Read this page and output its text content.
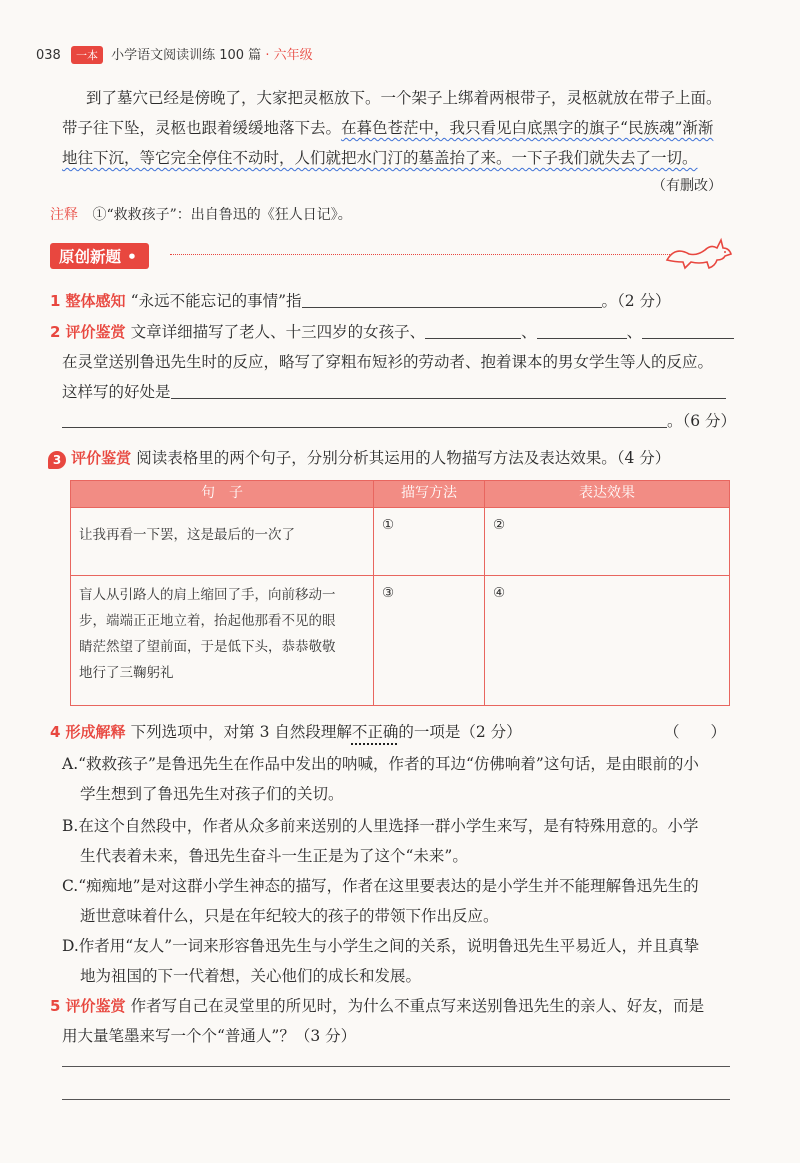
038 一本 小学语文阅读训练 100 篇 · 六年级
到了墓穴已经是傍晚了，大家把灵柩放下。一个架子上绑着两根带子，灵柩就放在带子上面。
带子往下坠，灵柩也跟着缓缓地落下去。在暮色苍茫中，我只看见白底黑字的旗子“民族魂”渐渐
地往下沉，等它完全停住不动时，人们就把水门汀的墓盖抬了来。一下子我们就失去了一切。
（有删改）
注释 ①“救救孩子”：出自鲁迅的《狂人日记》。
原创新题 •
1 整体感知 “永远不能忘记的事情”指	。（2 分）
2 评价鉴赏 文章详细描写了老人、十三四岁的女孩子、	、	、
在灵堂送别鲁迅先生时的反应，略写了穿粗布短衫的劳动者、抱着课本的男女学生等人的反应。
这样写的好处是
。（6 分）
3 评价鉴赏 阅读表格里的两个句子，分别分析其运用的人物描写方法及表达效果。（4 分）
句　子	描写方法	表达效果
让我再看一下罢，这是最后的一次了	①	②

盲人从引路人的肩上缩回了手，向前移动一
步，端端正正地立着，抬起他那看不见的眼
睛茫然望了望前面，于是低下头，恭恭敬敬
地行了三鞠躬礼	③	④
4 形成解释 下列选项中，对第 3 自然段理解不正确的一项是（2 分）	（　　）
A.“救救孩子”是鲁迅先生在作品中发出的呐喊，作者的耳边“仿佛响着”这句话，是由眼前的小
学生想到了鲁迅先生对孩子们的关切。
B.在这个自然段中，作者从众多前来送别的人里选择一群小学生来写，是有特殊用意的。小学
生代表着未来，鲁迅先生奋斗一生正是为了这个“未来”。
C.“痴痴地”是对这群小学生神态的描写，作者在这里要表达的是小学生并不能理解鲁迅先生的
逝世意味着什么，只是在年纪较大的孩子的带领下作出反应。
D.作者用“友人”一词来形容鲁迅先生与小学生之间的关系，说明鲁迅先生平易近人，并且真挚
地为祖国的下一代着想，关心他们的成长和发展。
5 评价鉴赏 作者写自己在灵堂里的所见时，为什么不重点写来送别鲁迅先生的亲人、好友，而是
用大量笔墨来写一个个“普通人”？（3 分）
